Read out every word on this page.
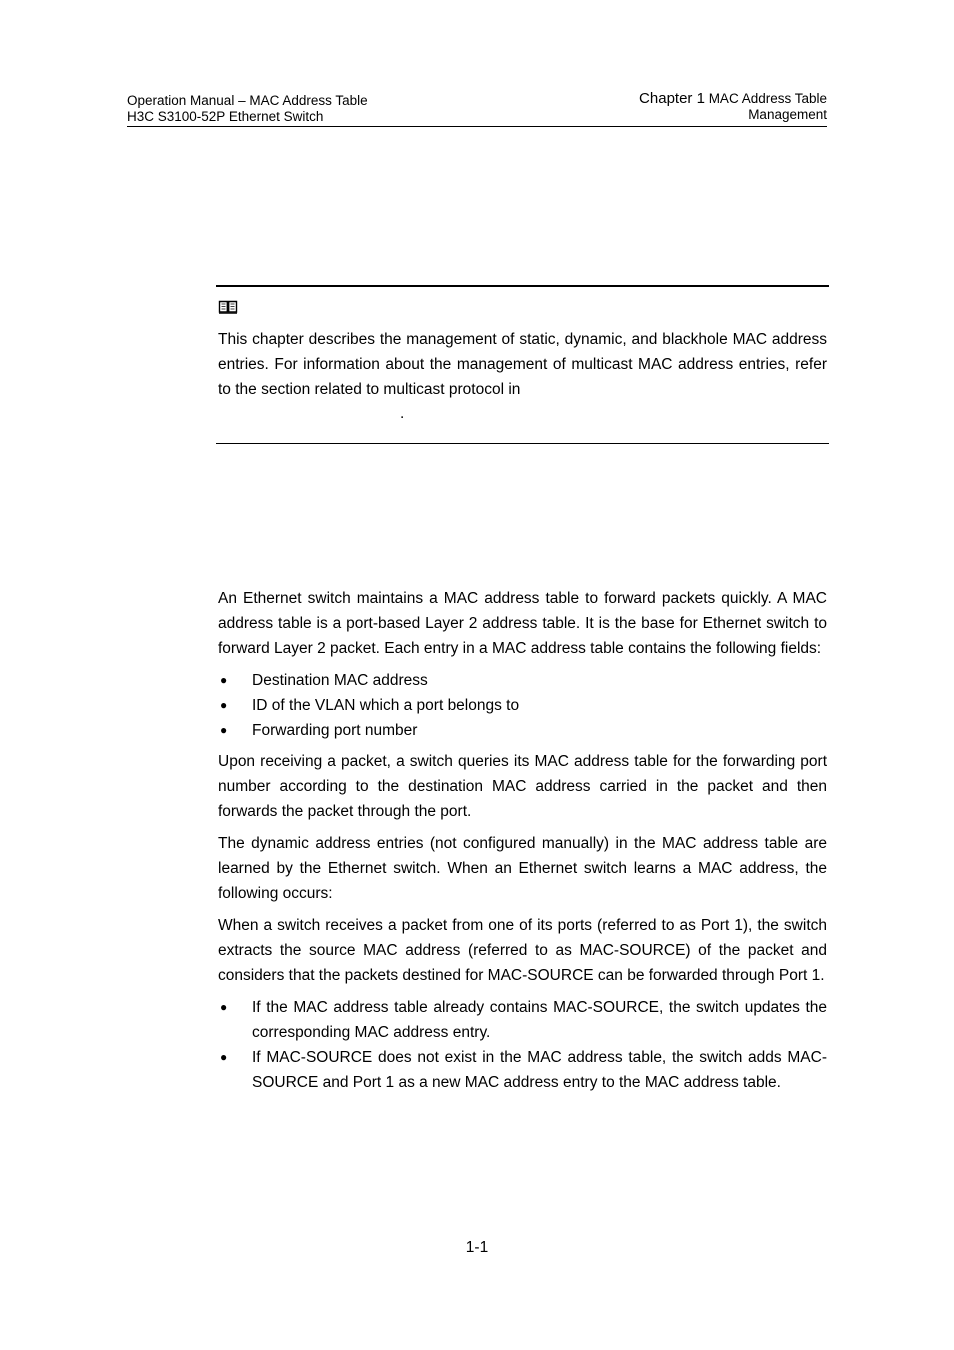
Operation Manual – MAC Address Table
H3C S3100-52P Ethernet Switch
Chapter 1 MAC Address Table
Management
This chapter describes the management of static, dynamic, and blackhole MAC address entries. For information about the management of multicast MAC address entries, refer to the section related to multicast protocol in
.

An Ethernet switch maintains a MAC address table to forward packets quickly. A MAC address table is a port-based Layer 2 address table. It is the base for Ethernet switch to forward Layer 2 packet. Each entry in a MAC address table contains the following fields:

● Destination MAC address
● ID of the VLAN which a port belongs to
● Forwarding port number

Upon receiving a packet, a switch queries its MAC address table for the forwarding port number according to the destination MAC address carried in the packet and then forwards the packet through the port.

The dynamic address entries (not configured manually) in the MAC address table are learned by the Ethernet switch. When an Ethernet switch learns a MAC address, the following occurs:

When a switch receives a packet from one of its ports (referred to as Port 1), the switch extracts the source MAC address (referred to as MAC-SOURCE) of the packet and considers that the packets destined for MAC-SOURCE can be forwarded through Port 1.

● If the MAC address table already contains MAC-SOURCE, the switch updates the corresponding MAC address entry.
● If MAC-SOURCE does not exist in the MAC address table, the switch adds MAC-SOURCE and Port 1 as a new MAC address entry to the MAC address table.
1-1
